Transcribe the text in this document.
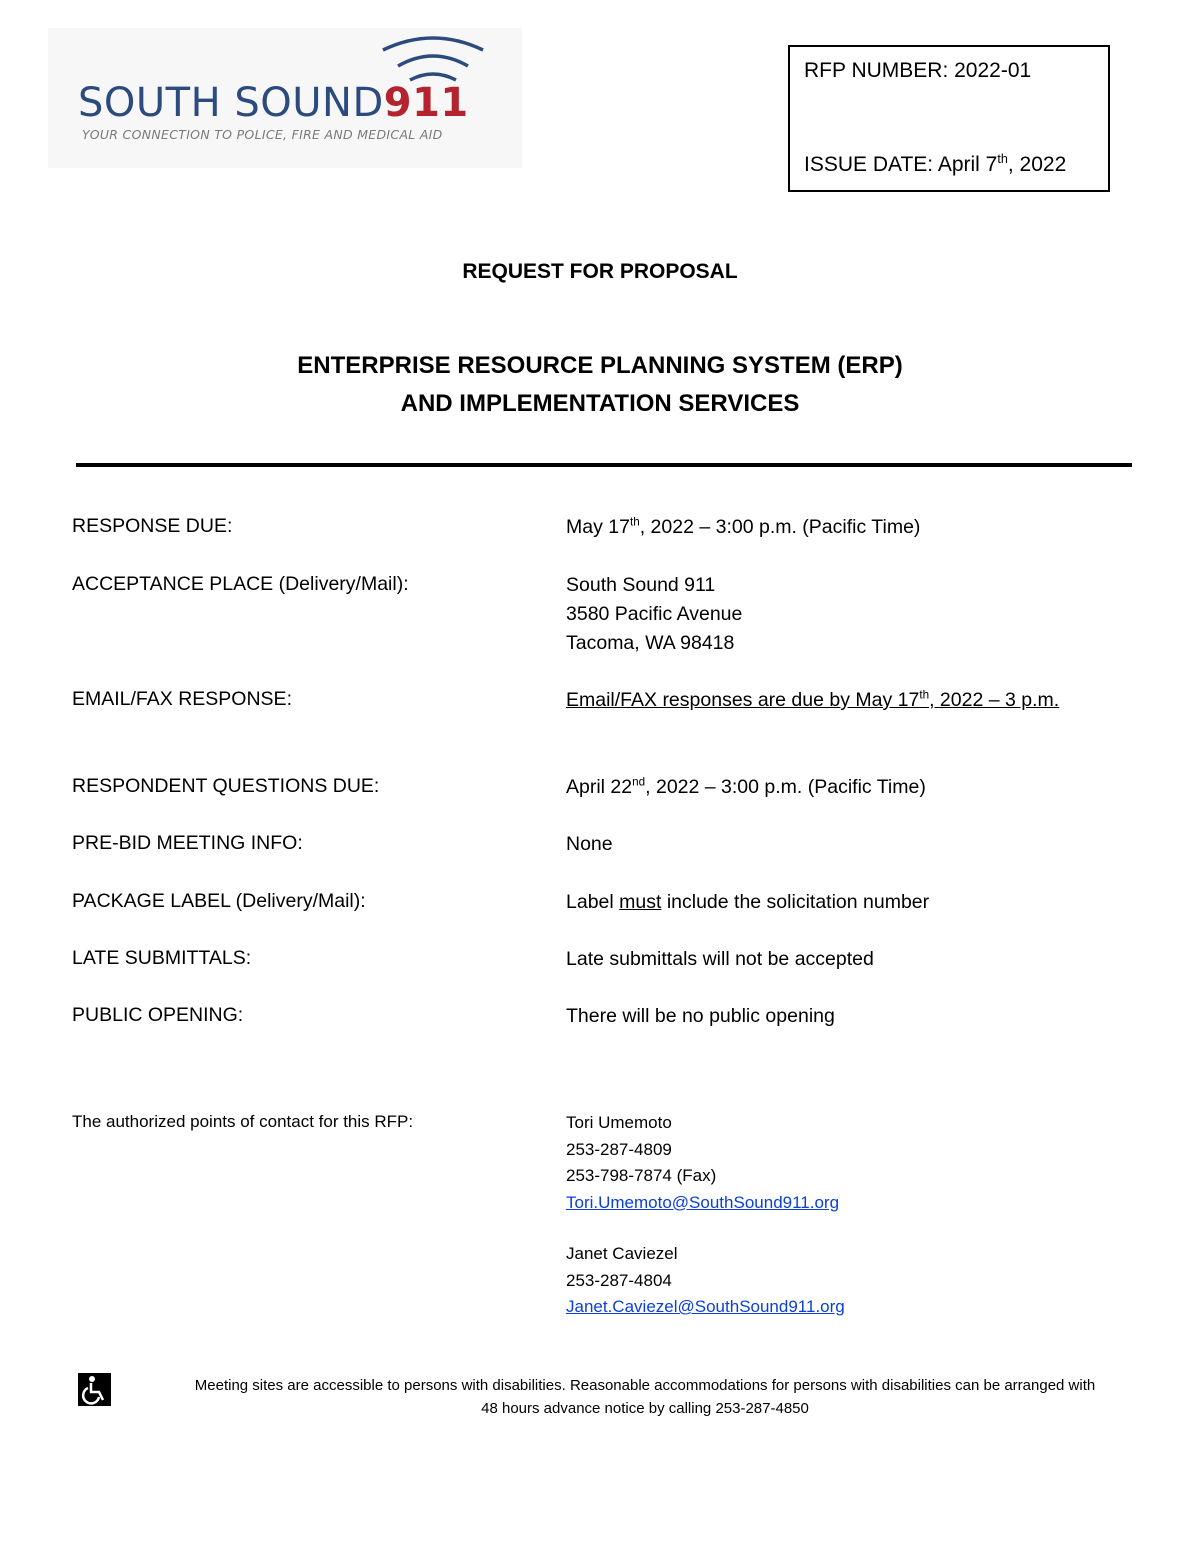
SOUTH SOUND911
YOUR CONNECTION TO POLICE, FIRE AND MEDICAL AID
RFP NUMBER: 2022-01
ISSUE DATE: April 7th, 2022
REQUEST FOR PROPOSAL
ENTERPRISE RESOURCE PLANNING SYSTEM (ERP)
AND IMPLEMENTATION SERVICES
RESPONSE DUE:	May 17th, 2022 – 3:00 p.m. (Pacific Time)
ACCEPTANCE PLACE (Delivery/Mail):	South Sound 911
3580 Pacific Avenue
Tacoma, WA 98418
EMAIL/FAX RESPONSE:	Email/FAX responses are due by May 17th, 2022 – 3 p.m.
RESPONDENT QUESTIONS DUE:	April 22nd, 2022 – 3:00 p.m. (Pacific Time)
PRE-BID MEETING INFO:	None
PACKAGE LABEL (Delivery/Mail):	Label must include the solicitation number
LATE SUBMITTALS:	Late submittals will not be accepted
PUBLIC OPENING:	There will be no public opening
The authorized points of contact for this RFP:	Tori Umemoto
253-287-4809
253-798-7874 (Fax)
Tori.Umemoto@SouthSound911.org
Janet Caviezel
253-287-4804
Janet.Caviezel@SouthSound911.org
Meeting sites are accessible to persons with disabilities. Reasonable accommodations for persons with disabilities can be arranged with
48 hours advance notice by calling 253-287-4850
